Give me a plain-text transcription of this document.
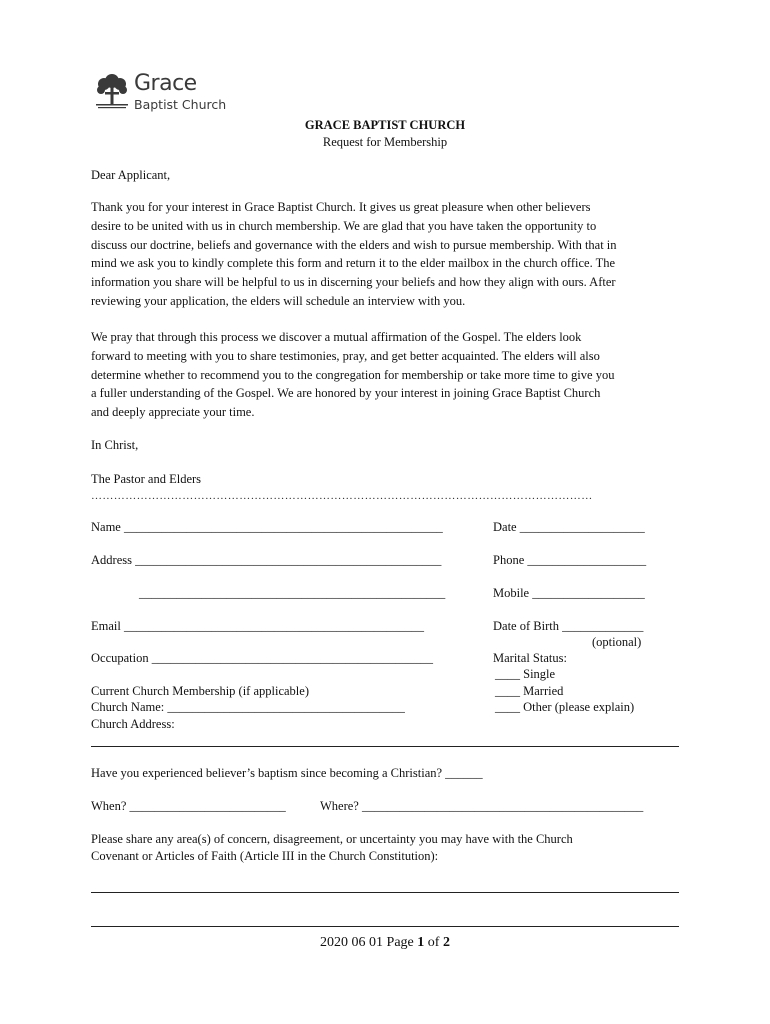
Grace
Baptist Church
GRACE BAPTIST CHURCH
Request for Membership
Dear Applicant,
Thank you for your interest in Grace Baptist Church. It gives us great pleasure when other believers
desire to be united with us in church membership. We are glad that you have taken the opportunity to
discuss our doctrine, beliefs and governance with the elders and wish to pursue membership. With that in
mind we ask you to kindly complete this form and return it to the elder mailbox in the church office. The
information you share will be helpful to us in discerning your beliefs and how they align with ours. After
reviewing your application, the elders will schedule an interview with you.
We pray that through this process we discover a mutual affirmation of the Gospel. The elders look
forward to meeting with you to share testimonies, pray, and get better acquainted. The elders will also
determine whether to recommend you to the congregation for membership or take more time to give you
a fuller understanding of the Gospel. We are honored by your interest in joining Grace Baptist Church
and deeply appreciate your time.
In Christ,
The Pastor and Elders
……………………………………………………………………………………………………………………
Name ___________________________________________________	Date ____________________
Address _________________________________________________	Phone ___________________
_________________________________________________	Mobile __________________
Email ________________________________________________	Date of Birth _____________
(optional)
Occupation _____________________________________________	Marital Status:
____ Single
____ Married
____ Other (please explain)
Current Church Membership (if applicable)
Church Name: ______________________________________
Church Address:
Have you experienced believer’s baptism since becoming a Christian? ______
When? _________________________	Where? _____________________________________________
Please share any area(s) of concern, disagreement, or uncertainty you may have with the Church
Covenant or Articles of Faith (Article III in the Church Constitution):
2020 06 01 Page 1 of 2
